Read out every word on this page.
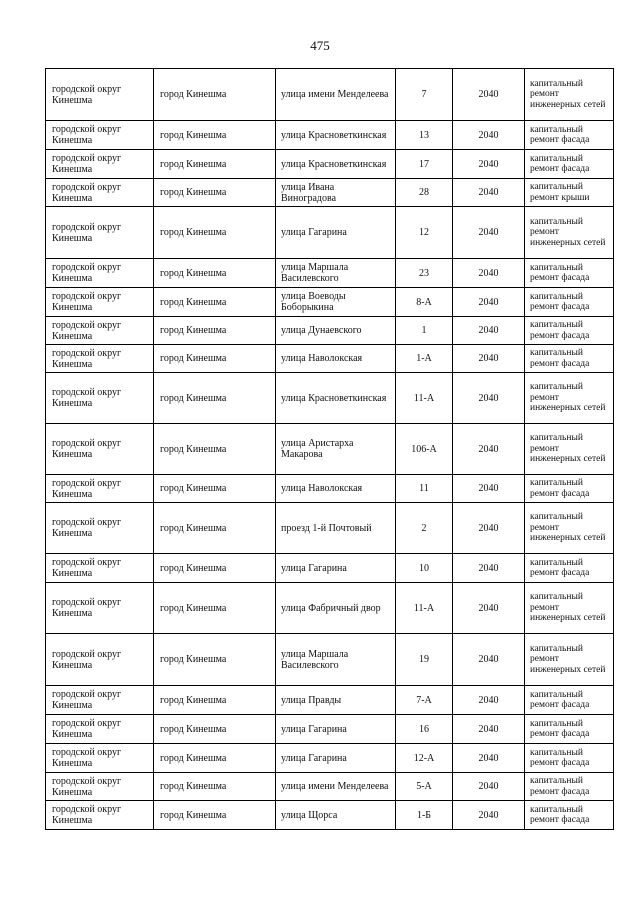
475
городской округ Кинешма	город Кинешма	улица имени Менделеева	7	2040	капитальный ремонт инженерных сетей
городской округ Кинешма	город Кинешма	улица Красноветкинская	13	2040	капитальный ремонт фасада
городской округ Кинешма	город Кинешма	улица Красноветкинская	17	2040	капитальный ремонт фасада
городской округ Кинешма	город Кинешма	улица Ивана Виноградова	28	2040	капитальный ремонт крыши
городской округ Кинешма	город Кинешма	улица Гагарина	12	2040	капитальный ремонт инженерных сетей
городской округ Кинешма	город Кинешма	улица Маршала Василевского	23	2040	капитальный ремонт фасада
городской округ Кинешма	город Кинешма	улица Воеводы Боборыкина	8-А	2040	капитальный ремонт фасада
городской округ Кинешма	город Кинешма	улица Дунаевского	1	2040	капитальный ремонт фасада
городской округ Кинешма	город Кинешма	улица Наволокская	1-А	2040	капитальный ремонт фасада
городской округ Кинешма	город Кинешма	улица Красноветкинская	11-А	2040	капитальный ремонт инженерных сетей
городской округ Кинешма	город Кинешма	улица Аристарха Макарова	106-А	2040	капитальный ремонт инженерных сетей
городской округ Кинешма	город Кинешма	улица Наволокская	11	2040	капитальный ремонт фасада
городской округ Кинешма	город Кинешма	проезд 1-й Почтовый	2	2040	капитальный ремонт инженерных сетей
городской округ Кинешма	город Кинешма	улица Гагарина	10	2040	капитальный ремонт фасада
городской округ Кинешма	город Кинешма	улица Фабричный двор	11-А	2040	капитальный ремонт инженерных сетей
городской округ Кинешма	город Кинешма	улица Маршала Василевского	19	2040	капитальный ремонт инженерных сетей
городской округ Кинешма	город Кинешма	улица Правды	7-А	2040	капитальный ремонт фасада
городской округ Кинешма	город Кинешма	улица Гагарина	16	2040	капитальный ремонт фасада
городской округ Кинешма	город Кинешма	улица Гагарина	12-А	2040	капитальный ремонт фасада
городской округ Кинешма	город Кинешма	улица имени Менделеева	5-А	2040	капитальный ремонт фасада
городской округ Кинешма	город Кинешма	улица Щорса	1-Б	2040	капитальный ремонт фасада
